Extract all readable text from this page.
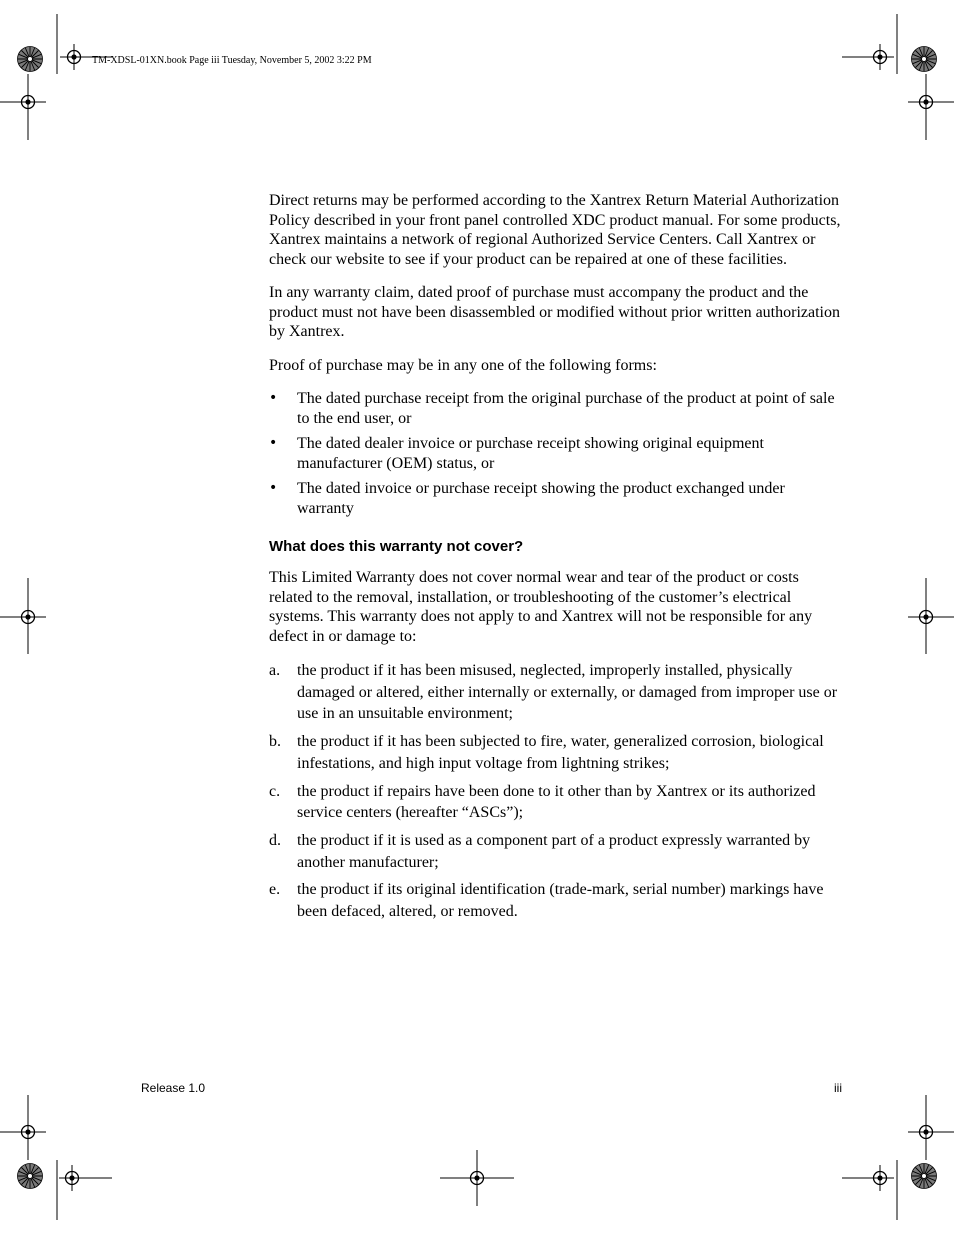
TM-XDSL-01XN.book Page iii Tuesday, November 5, 2002 3:22 PM

Direct returns may be performed according to the Xantrex Return Material Authorization Policy described in your front panel controlled XDC product manual. For some products, Xantrex maintains a network of regional Authorized Service Centers. Call Xantrex or check our website to see if your product can be repaired at one of these facilities.

In any warranty claim, dated proof of purchase must accompany the product and the product must not have been disassembled or modified without prior written authorization by Xantrex.

Proof of purchase may be in any one of the following forms:

• The dated purchase receipt from the original purchase of the product at point of sale to the end user, or
• The dated dealer invoice or purchase receipt showing original equipment manufacturer (OEM) status, or
• The dated invoice or purchase receipt showing the product exchanged under warranty
What does this warranty not cover?

This Limited Warranty does not cover normal wear and tear of the product or costs related to the removal, installation, or troubleshooting of the customer’s electrical systems. This warranty does not apply to and Xantrex will not be responsible for any defect in or damage to:

a. the product if it has been misused, neglected, improperly installed, physically damaged or altered, either internally or externally, or damaged from improper use or use in an unsuitable environment;
b. the product if it has been subjected to fire, water, generalized corrosion, biological infestations, and high input voltage from lightning strikes;
c. the product if repairs have been done to it other than by Xantrex or its authorized service centers (hereafter “ASCs”);
d. the product if it is used as a component part of a product expressly warranted by another manufacturer;
e. the product if its original identification (trade-mark, serial number) markings have been defaced, altered, or removed.
Release 1.0	iii
